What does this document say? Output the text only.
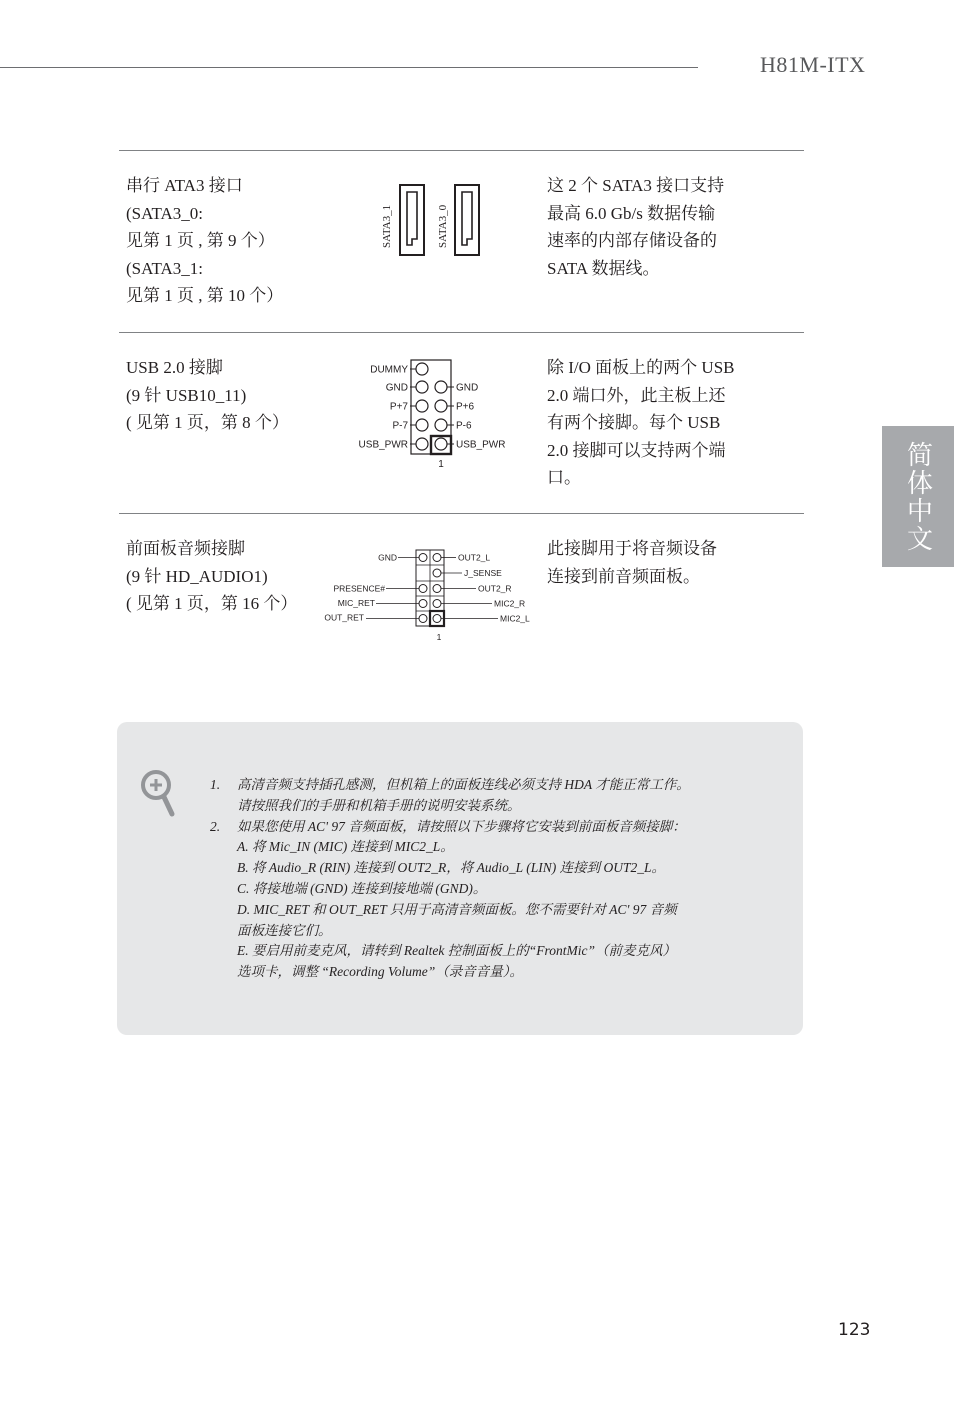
H81M-ITX
简体中文
串行 ATA3 接口
(SATA3_0:
见第 1 页 , 第 9 个）
(SATA3_1:
见第 1 页 , 第 10 个）
SATA3_1	SATA3_0
这 2 个 SATA3 接口支持
最高 6.0 Gb/s 数据传输
速率的内部存储设备的
SATA 数据线。
USB 2.0 接脚
(9 针 USB10_11)
( 见第 1 页，第 8 个）
DUMMY
GND
P+7
P-7
USB_PWR
GND
P+6
P-6
USB_PWR
1
除 I/O 面板上的两个 USB
2.0 端口外，此主板上还
有两个接脚。每个 USB
2.0 接脚可以支持两个端
口。
前面板音频接脚
(9 针 HD_AUDIO1)
( 见第 1 页，第 16 个）
GND
PRESENCE#
MIC_RET
OUT_RET
OUT2_L
J_SENSE
OUT2_R
MIC2_R
MIC2_L
1
此接脚用于将音频设备
连接到前音频面板。
1.	高清音频支持插孔感测，但机箱上的面板连线必须支持 HDA 才能正常工作。
请按照我们的手册和机箱手册的说明安装系统。
2.	如果您使用 AC' 97 音频面板，请按照以下步骤将它安装到前面板音频接脚：
A. 将 Mic_IN (MIC) 连接到 MIC2_L。
B. 将 Audio_R (RIN) 连接到 OUT2_R，将 Audio_L (LIN) 连接到 OUT2_L。
C. 将接地端 (GND) 连接到接地端 (GND)。
D. MIC_RET 和 OUT_RET 只用于高清音频面板。您不需要针对 AC' 97 音频
面板连接它们。
E. 要启用前麦克风，请转到 Realtek 控制面板上的“FrontMic”（前麦克风）
选项卡，调整 “Recording Volume”（录音音量）。
123
